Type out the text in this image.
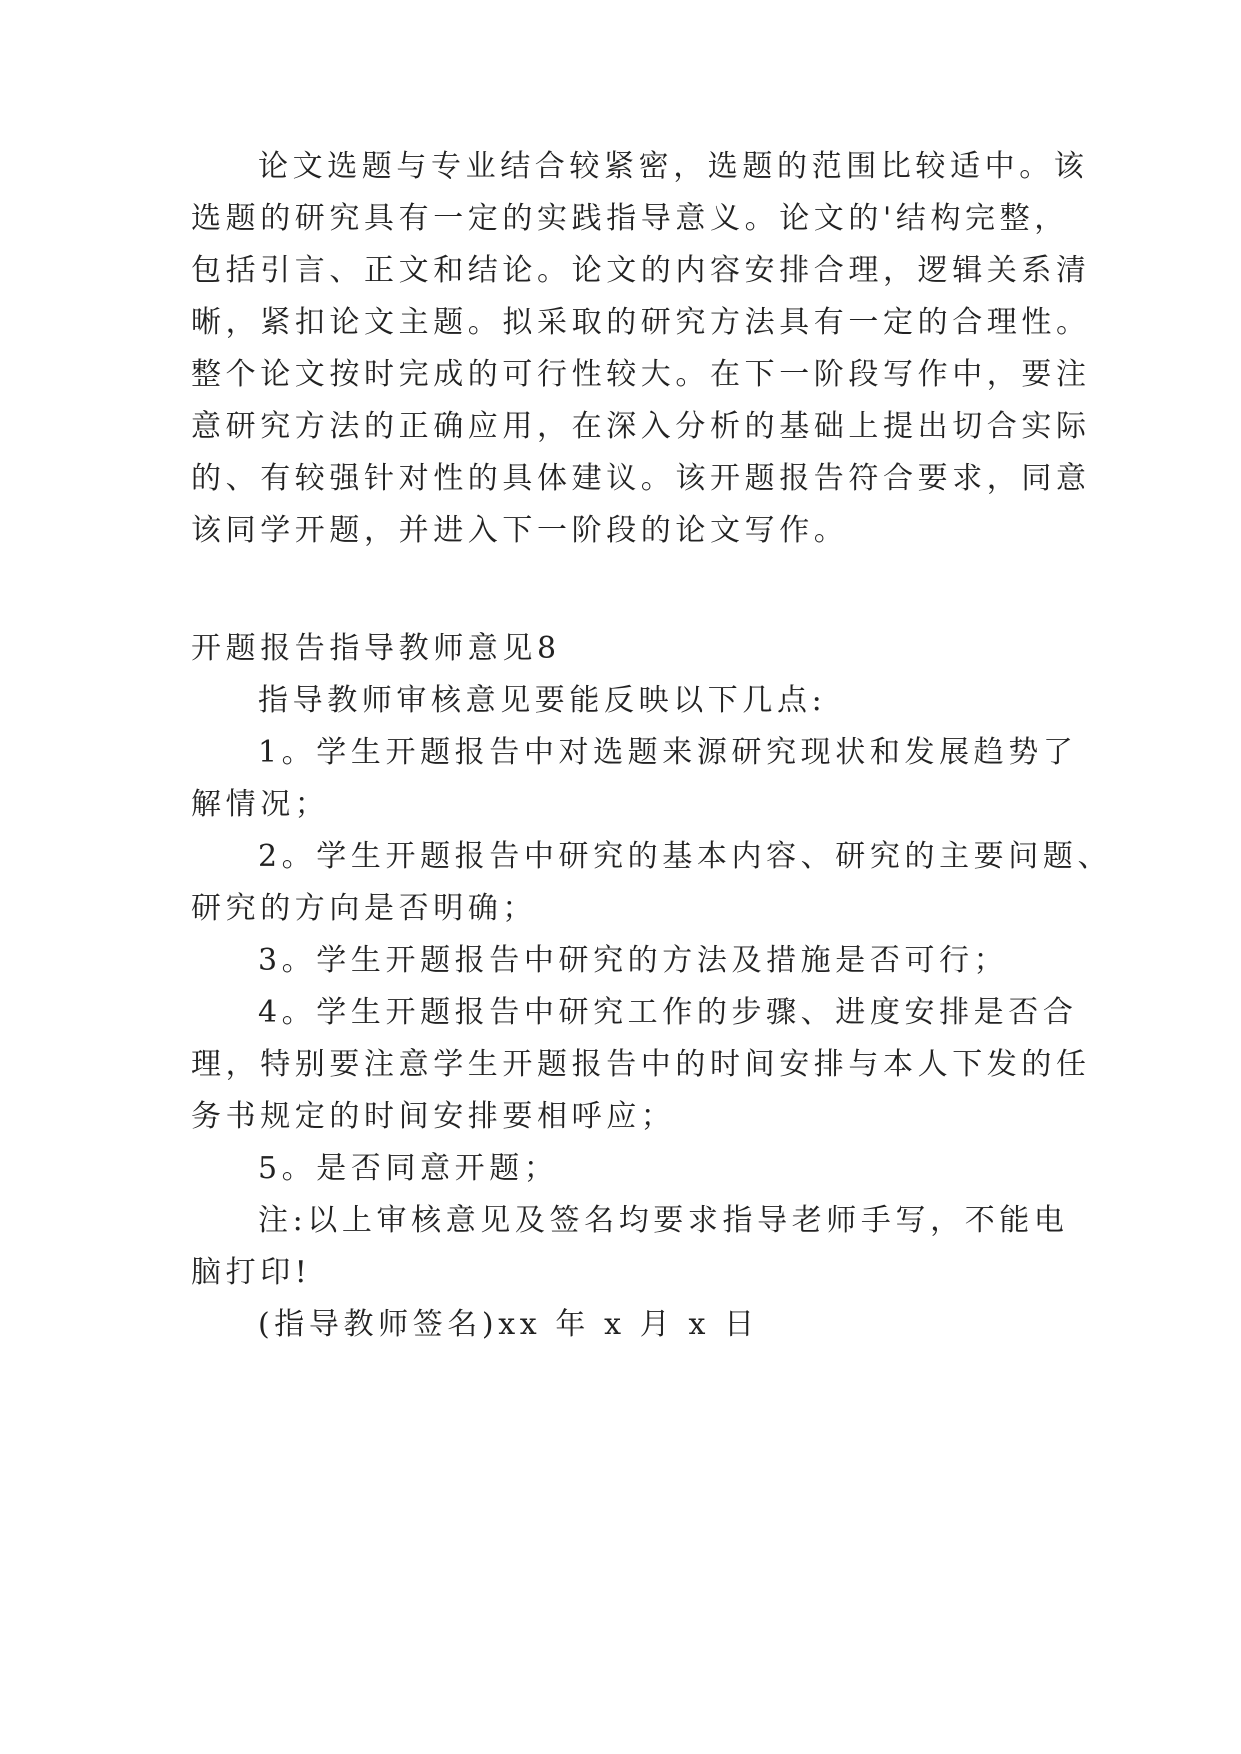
论文选题与专业结合较紧密，选题的范围比较适中。该
选题的研究具有一定的实践指导意义。论文的'结构完整，
包括引言、正文和结论。论文的内容安排合理，逻辑关系清
晰，紧扣论文主题。拟采取的研究方法具有一定的合理性。
整个论文按时完成的可行性较大。在下一阶段写作中，要注
意研究方法的正确应用，在深入分析的基础上提出切合实际
的、有较强针对性的具体建议。该开题报告符合要求，同意
该同学开题，并进入下一阶段的论文写作。
开题报告指导教师意见8
指导教师审核意见要能反映以下几点:
1。学生开题报告中对选题来源研究现状和发展趋势了
解情况；
2。学生开题报告中研究的基本内容、研究的主要问题、
研究的方向是否明确；
3。学生开题报告中研究的方法及措施是否可行；
4。学生开题报告中研究工作的步骤、进度安排是否合
理，特别要注意学生开题报告中的时间安排与本人下发的任
务书规定的时间安排要相呼应；
5。是否同意开题；
注:以上审核意见及签名均要求指导老师手写，不能电
脑打印!
(指导教师签名)xx 年 x 月 x 日
